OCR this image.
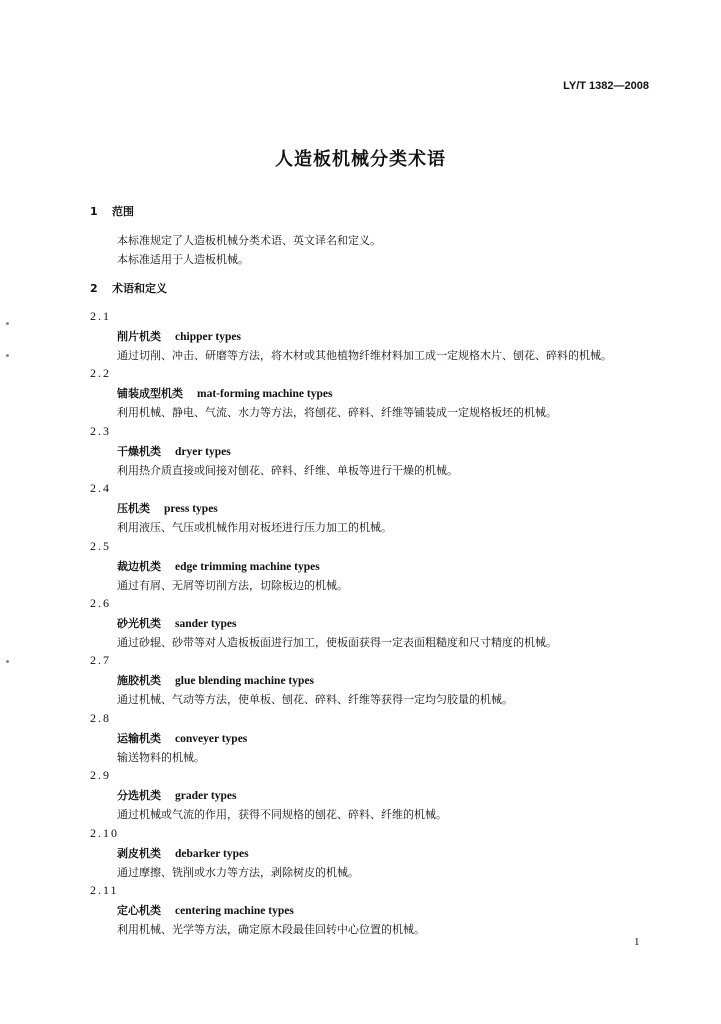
LY/T 1382—2008
人造板机械分类术语
1 范围
本标准规定了人造板机械分类术语、英文译名和定义。
本标准适用于人造板机械。
2 术语和定义
2.1
削片机类 chipper types
通过切削、冲击、研磨等方法，将木材或其他植物纤维材料加工成一定规格木片、刨花、碎料的机械。
2.2
铺装成型机类 mat-forming machine types
利用机械、静电、气流、水力等方法，将刨花、碎料、纤维等铺装成一定规格板坯的机械。
2.3
干燥机类 dryer types
利用热介质直接或间接对刨花、碎料、纤维、单板等进行干燥的机械。
2.4
压机类 press types
利用液压、气压或机械作用对板坯进行压力加工的机械。
2.5
裁边机类 edge trimming machine types
通过有屑、无屑等切削方法，切除板边的机械。
2.6
砂光机类 sander types
通过砂辊、砂带等对人造板板面进行加工，使板面获得一定表面粗糙度和尺寸精度的机械。
2.7
施胶机类 glue blending machine types
通过机械、气动等方法，使单板、刨花、碎料、纤维等获得一定均匀胶量的机械。
2.8
运输机类 conveyer types
输送物料的机械。
2.9
分选机类 grader types
通过机械或气流的作用，获得不同规格的刨花、碎料、纤维的机械。
2.10
剥皮机类 debarker types
通过摩擦、铣削或水力等方法，剥除树皮的机械。
2.11
定心机类 centering machine types
利用机械、光学等方法，确定原木段最佳回转中心位置的机械。
1
